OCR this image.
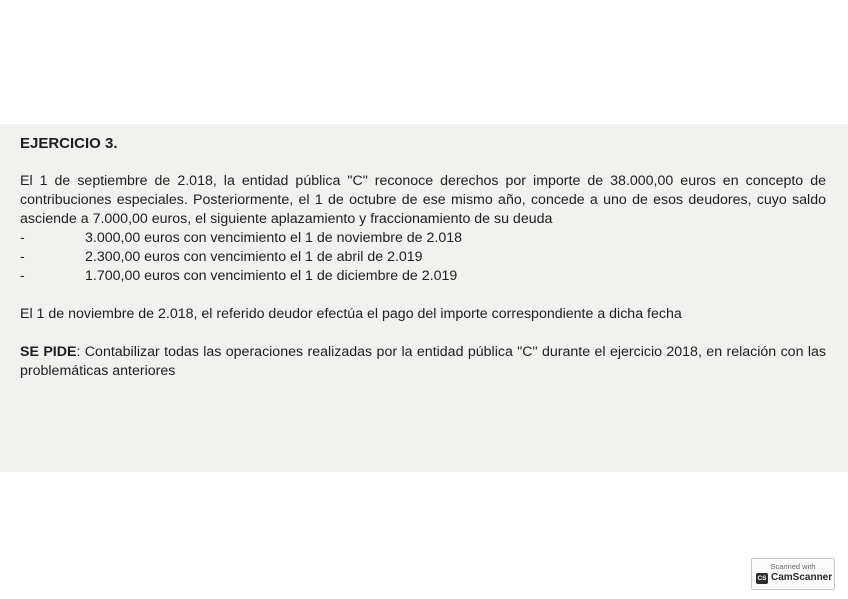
EJERCICIO 3.

El 1 de septiembre de 2.018, la entidad pública "C" reconoce derechos por importe de 38.000,00 euros en concepto de contribuciones especiales. Posteriormente, el 1 de octubre de ese mismo año, concede a uno de esos deudores, cuyo saldo asciende a 7.000,00 euros, el siguiente aplazamiento y fraccionamiento de su deuda

-	3.000,00 euros con vencimiento el 1 de noviembre de 2.018
-	2.300,00 euros con vencimiento el 1 de abril de 2.019
-	1.700,00 euros con vencimiento el 1 de diciembre de 2.019

El 1 de noviembre de 2.018, el referido deudor efectúa el pago del importe correspondiente a dicha fecha

SE PIDE: Contabilizar todas las operaciones realizadas por la entidad pública "C" durante el ejercicio 2018, en relación con las problemáticas anteriores

Scanned with
CS CamScanner
